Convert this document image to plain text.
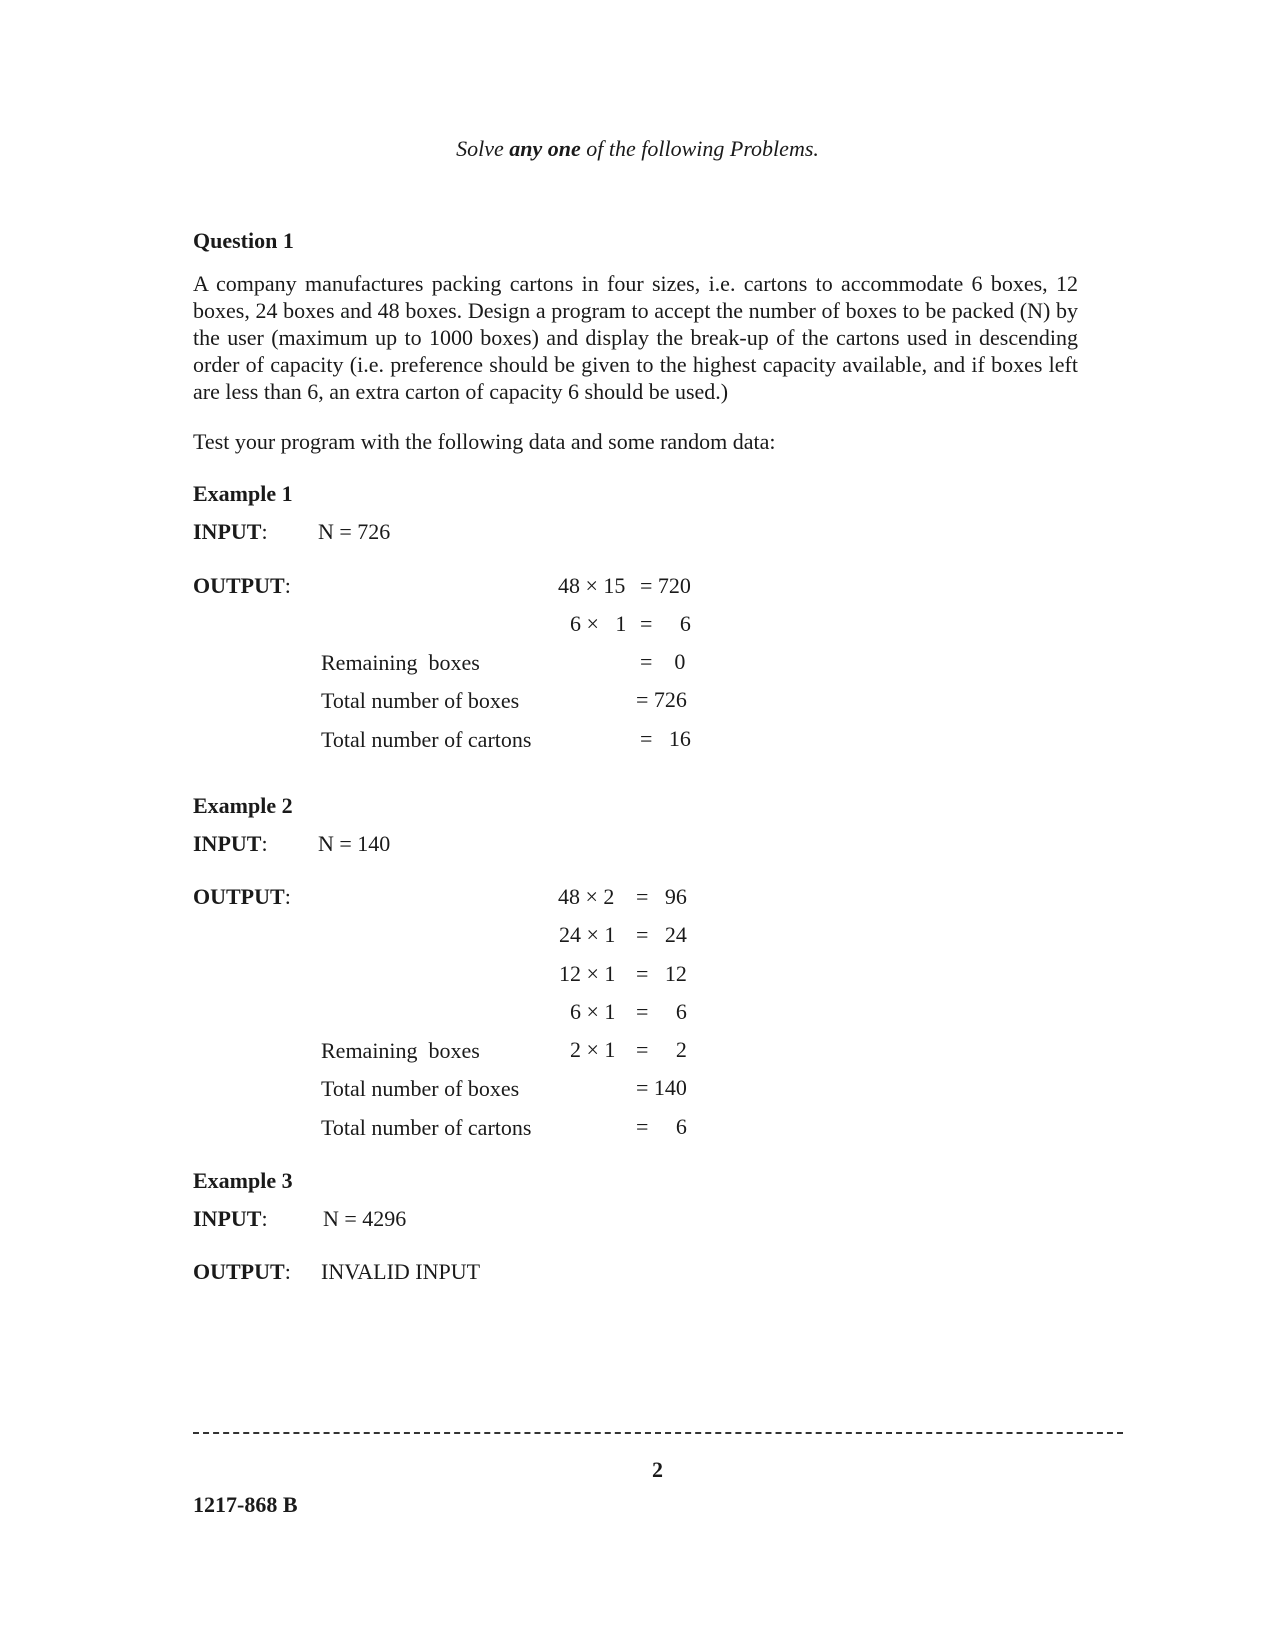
Solve any one of the following Problems.
Question 1
A company manufactures packing cartons in four sizes, i.e. cartons to accommodate 6 boxes, 12 boxes, 24 boxes and 48 boxes. Design a program to accept the number of boxes to be packed (N) by the user (maximum up to 1000 boxes) and display the break-up of the cartons used in descending order of capacity (i.e. preference should be given to the highest capacity available, and if boxes left are less than 6, an extra carton of capacity 6 should be used.)
Test your program with the following data and some random data:
Example 1
INPUT: N = 726
OUTPUT:	48 × 15 = 720
6 ×   1 =     6
Remaining  boxes	=    0
Total number of boxes	= 726
Total number of cartons	=   16
Example 2
INPUT: N = 140
OUTPUT:	48 × 2 =   96
24 × 1 =   24
12 × 1 =   12
6 × 1 =     6
Remaining  boxes	2 × 1 =     2
Total number of boxes	= 140
Total number of cartons	=     6
Example 3
INPUT:	N = 4296
OUTPUT: INVALID INPUT
2
1217-868 B
